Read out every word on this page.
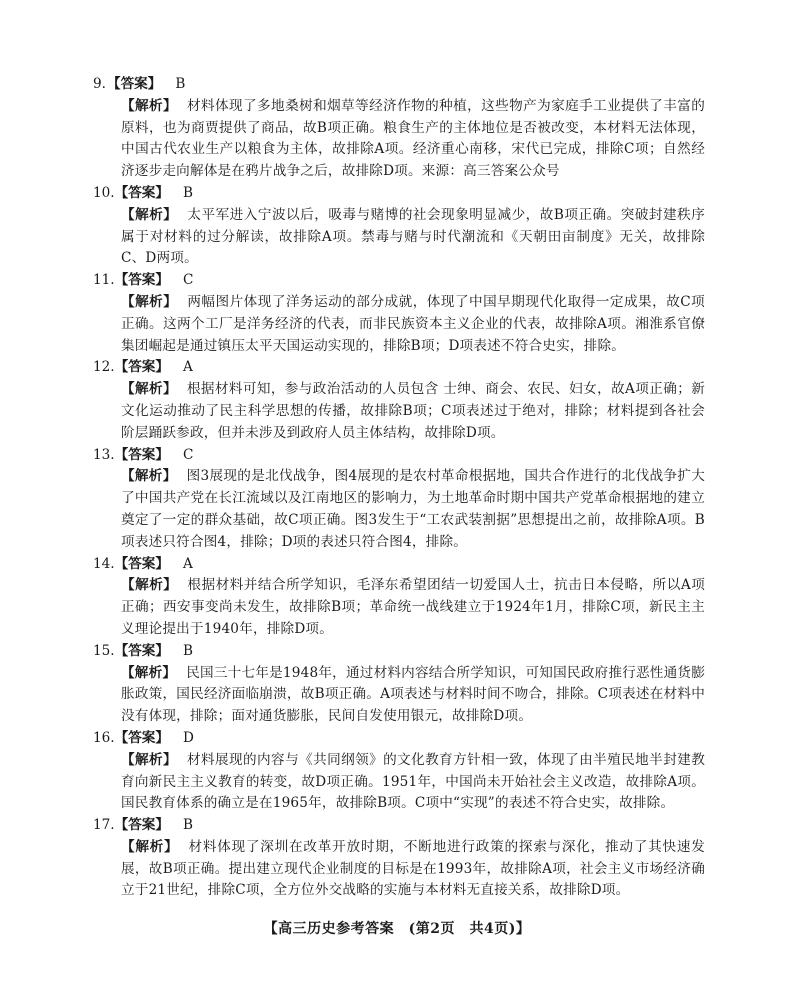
9.【答案】 B
【解析】 材料体现了多地桑树和烟草等经济作物的种植，这些物产为家庭手工业提供了丰富的原料，也为商贾提供了商品，故B项正确。粮食生产的主体地位是否被改变，本材料无法体现，中国古代农业生产以粮食为主体，故排除A项。经济重心南移，宋代已完成，排除C项；自然经济逐步走向解体是在鸦片战争之后，故排除D项。来源：高三答案公众号
10.【答案】 B
【解析】 太平军进入宁波以后，吸毒与赌博的社会现象明显减少，故B项正确。突破封建秩序属于对材料的过分解读，故排除A项。禁毒与赌与时代潮流和《天朝田亩制度》无关，故排除C、D两项。
11.【答案】 C
【解析】 两幅图片体现了洋务运动的部分成就，体现了中国早期现代化取得一定成果，故C项正确。这两个工厂是洋务经济的代表，而非民族资本主义企业的代表，故排除A项。湘淮系官僚集团崛起是通过镇压太平天国运动实现的，排除B项；D项表述不符合史实，排除。
12.【答案】 A
【解析】 根据材料可知，参与政治活动的人员包含 士绅、商会、农民、妇女，故A项正确；新文化运动推动了民主科学思想的传播，故排除B项；C项表述过于绝对，排除；材料提到各社会阶层踊跃参政，但并未涉及到政府人员主体结构，故排除D项。
13.【答案】 C
【解析】 图3展现的是北伐战争，图4展现的是农村革命根据地，国共合作进行的北伐战争扩大了中国共产党在长江流域以及江南地区的影响力，为土地革命时期中国共产党革命根据地的建立奠定了一定的群众基础，故C项正确。图3发生于“工农武装割据”思想提出之前，故排除A项。B项表述只符合图4，排除；D项的表述只符合图4，排除。
14.【答案】 A
【解析】 根据材料并结合所学知识，毛泽东希望团结一切爱国人士，抗击日本侵略，所以A项正确；西安事变尚未发生，故排除B项；革命统一战线建立于1924年1月，排除C项，新民主主义理论提出于1940年，排除D项。
15.【答案】 B
【解析】 民国三十七年是1948年，通过材料内容结合所学知识，可知国民政府推行恶性通货膨胀政策，国民经济面临崩溃，故B项正确。A项表述与材料时间不吻合，排除。C项表述在材料中没有体现，排除；面对通货膨胀，民间自发使用银元，故排除D项。
16.【答案】 D
【解析】 材料展现的内容与《共同纲领》的文化教育方针相一致，体现了由半殖民地半封建教育向新民主主义教育的转变，故D项正确。1951年，中国尚未开始社会主义改造，故排除A项。国民教育体系的确立是在1965年，故排除B项。C项中“实现”的表述不符合史实，故排除。
17.【答案】 B
【解析】 材料体现了深圳在改革开放时期，不断地进行政策的探索与深化，推动了其快速发展，故B项正确。提出建立现代企业制度的目标是在1993年，故排除A项，社会主义市场经济确立于21世纪，排除C项，全方位外交战略的实施与本材料无直接关系，故排除D项。
【高三历史参考答案　(第2页　共4页)】
